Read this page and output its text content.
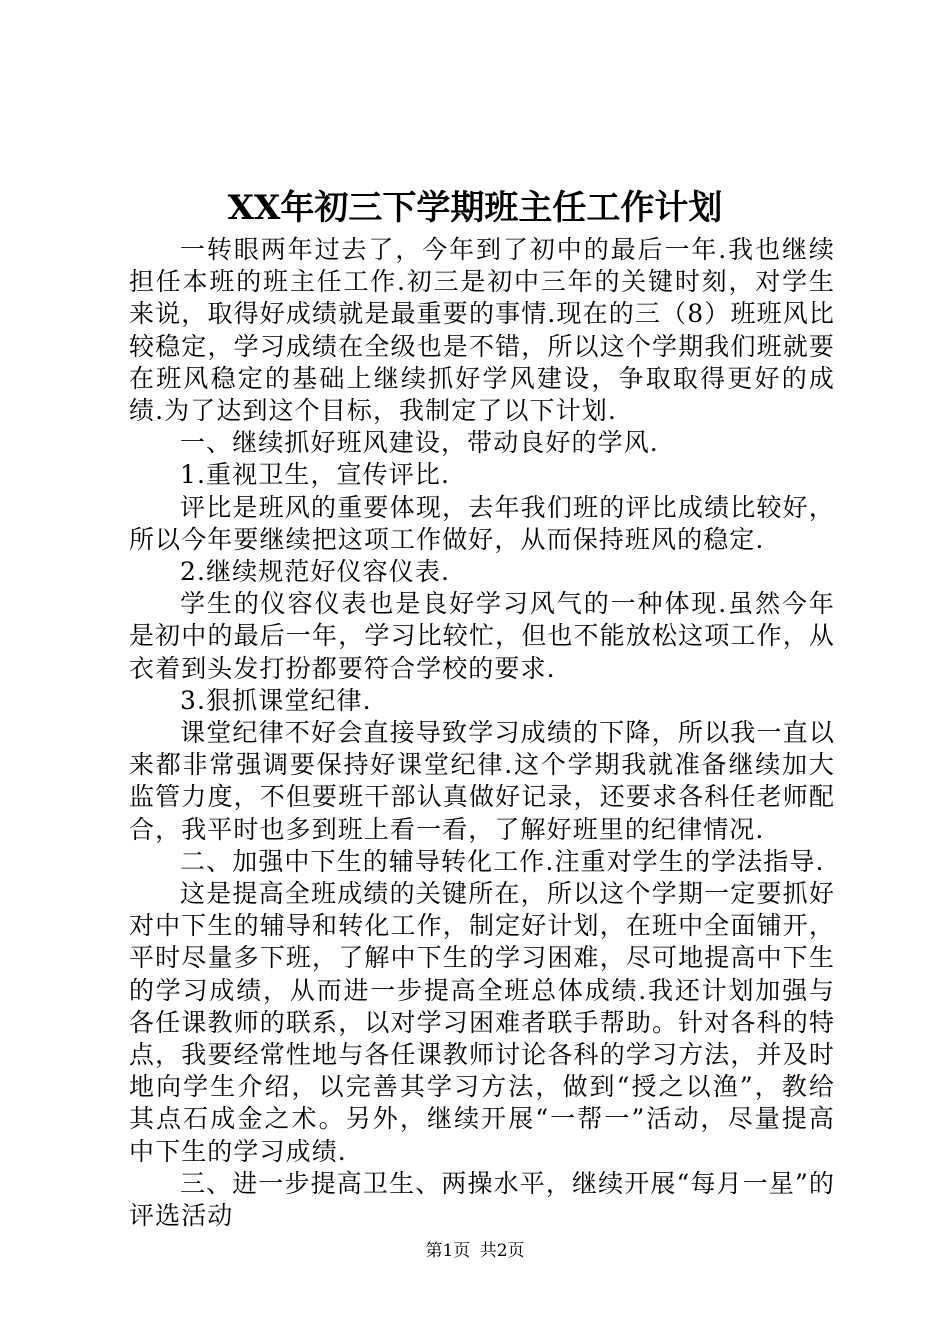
XX年初三下学期班主任工作计划

一转眼两年过去了，今年到了初中的最后一年.我也继续担任本班的班主任工作.初三是初中三年的关键时刻，对学生来说，取得好成绩就是最重要的事情.现在的三（8）班班风比较稳定，学习成绩在全级也是不错，所以这个学期我们班就要在班风稳定的基础上继续抓好学风建设，争取取得更好的成绩.为了达到这个目标，我制定了以下计划.

一、继续抓好班风建设，带动良好的学风.

1.重视卫生，宣传评比.

评比是班风的重要体现，去年我们班的评比成绩比较好，所以今年要继续把这项工作做好，从而保持班风的稳定.

2.继续规范好仪容仪表.

学生的仪容仪表也是良好学习风气的一种体现.虽然今年是初中的最后一年，学习比较忙，但也不能放松这项工作，从衣着到头发打扮都要符合学校的要求.

3.狠抓课堂纪律.

课堂纪律不好会直接导致学习成绩的下降，所以我一直以来都非常强调要保持好课堂纪律.这个学期我就准备继续加大监管力度，不但要班干部认真做好记录，还要求各科任老师配合，我平时也多到班上看一看，了解好班里的纪律情况.

二、加强中下生的辅导转化工作.注重对学生的学法指导.

这是提高全班成绩的关键所在，所以这个学期一定要抓好对中下生的辅导和转化工作，制定好计划，在班中全面铺开，平时尽量多下班，了解中下生的学习困难，尽可地提高中下生的学习成绩，从而进一步提高全班总体成绩.我还计划加强与各任课教师的联系，以对学习困难者联手帮助。针对各科的特点，我要经常性地与各任课教师讨论各科的学习方法，并及时地向学生介绍，以完善其学习方法，做到“授之以渔”，教给其点石成金之术。另外，继续开展“一帮一”活动，尽量提高中下生的学习成绩.

三、进一步提高卫生、两操水平，继续开展“每月一星”的评选活动

第1页 共2页
